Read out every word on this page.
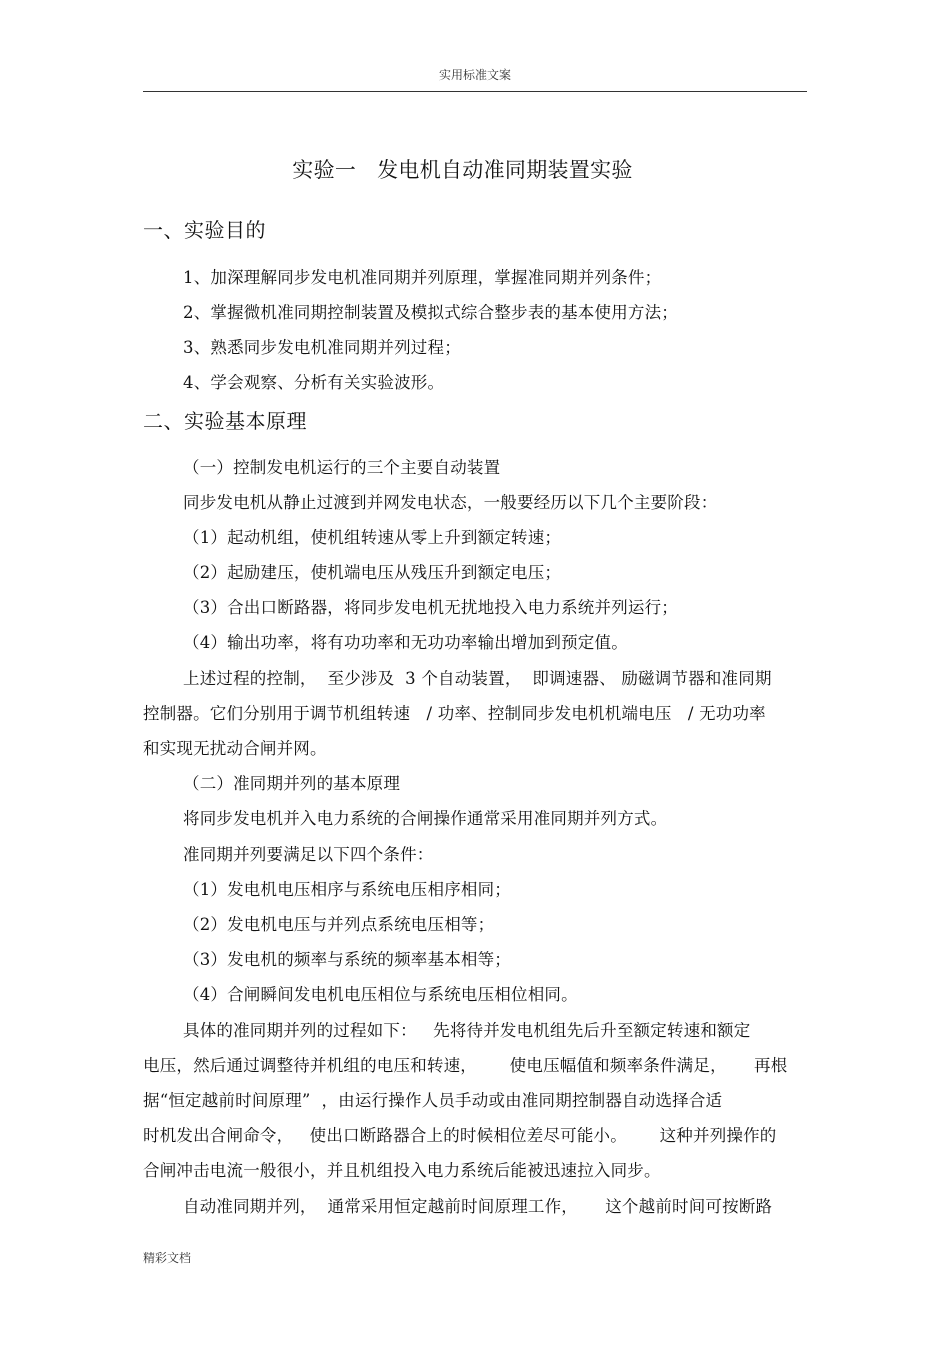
实用标准文案
实验一   发电机自动准同期装置实验
一、实验目的
1、加深理解同步发电机准同期并列原理，掌握准同期并列条件；
2、掌握微机准同期控制装置及模拟式综合整步表的基本使用方法；
3、熟悉同步发电机准同期并列过程；
4、学会观察、分析有关实验波形。
二、实验基本原理
（一）控制发电机运行的三个主要自动装置
同步发电机从静止过渡到并网发电状态，一般要经历以下几个主要阶段：
（1）起动机组，使机组转速从零上升到额定转速；
（2）起励建压，使机端电压从残压升到额定电压；
（3）合出口断路器，将同步发电机无扰地投入电力系统并列运行；
（4）输出功率，将有功功率和无功功率输出增加到预定值。
上述过程的控制，  至少涉及  3 个自动装置，  即调速器、 励磁调节器和准同期
控制器。它们分别用于调节机组转速   / 功率、控制同步发电机机端电压   / 无功功率
和实现无扰动合闸并网。
（二）准同期并列的基本原理
将同步发电机并入电力系统的合闸操作通常采用准同期并列方式。
准同期并列要满足以下四个条件：
（1）发电机电压相序与系统电压相序相同；
（2）发电机电压与并列点系统电压相等；
（3）发电机的频率与系统的频率基本相等；
（4）合闸瞬间发电机电压相位与系统电压相位相同。
具体的准同期并列的过程如下：   先将待并发电机组先后升至额定转速和额定
电压，然后通过调整待并机组的电压和转速，      使电压幅值和频率条件满足，     再根
据“恒定越前时间原理”  ，由运行操作人员手动或由准同期控制器自动选择合适
时机发出合闸命令，   使出口断路器合上的时候相位差尽可能小。      这种并列操作的
合闸冲击电流一般很小，并且机组投入电力系统后能被迅速拉入同步。
自动准同期并列，  通常采用恒定越前时间原理工作，     这个越前时间可按断路
精彩文档
